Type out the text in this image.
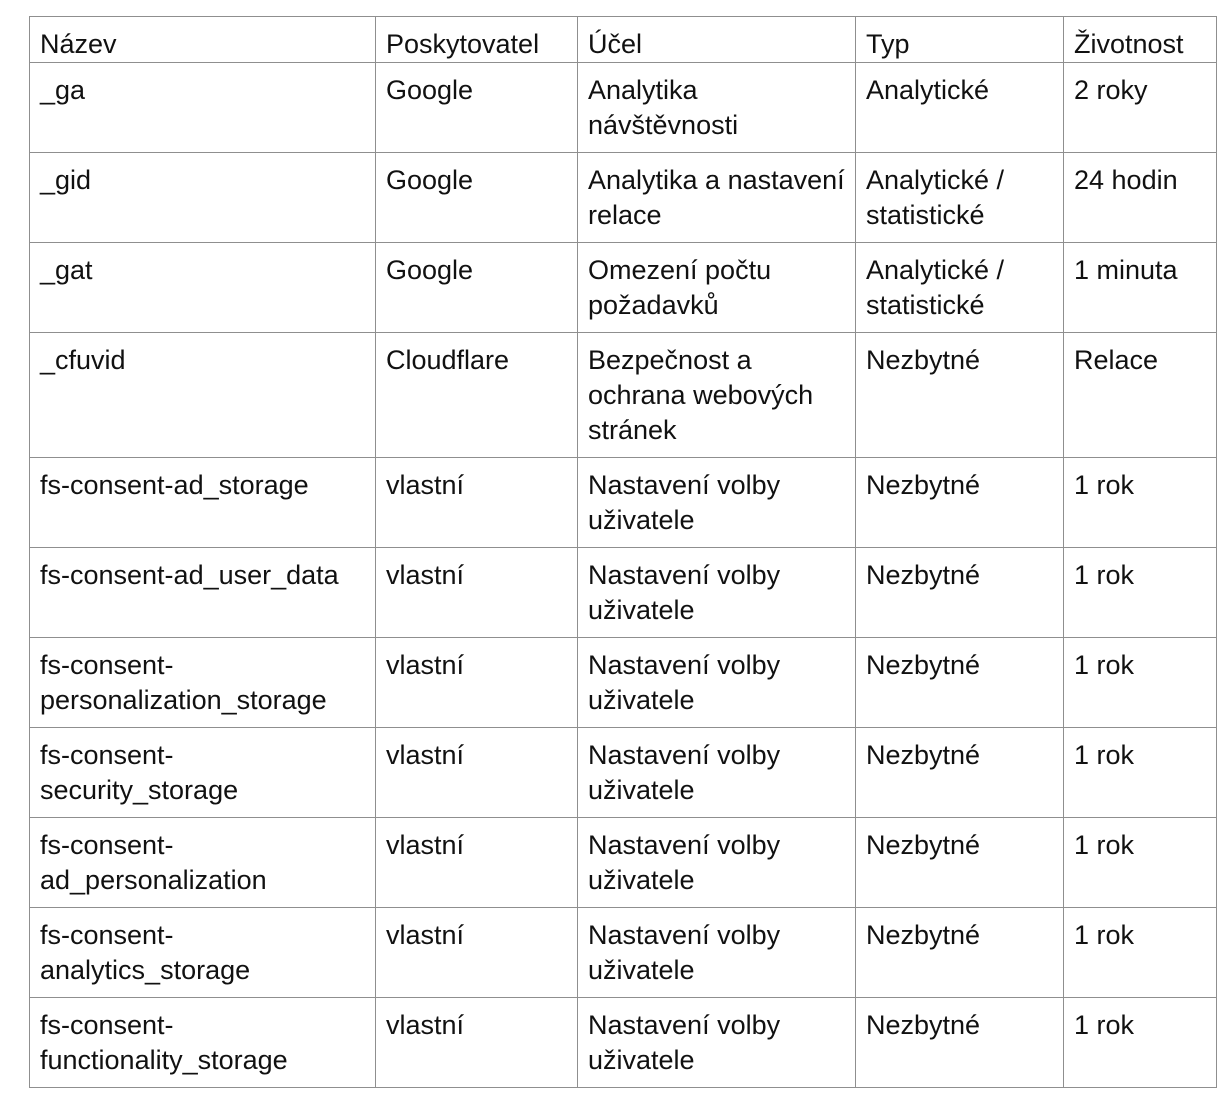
Název	Poskytovatel	Účel	Typ	Životnost
_ga	Google	Analytika návštěvnosti	Analytické	2 roky
_gid	Google	Analytika a nastavení relace	Analytické / statistické	24 hodin
_gat	Google	Omezení počtu požadavků	Analytické / statistické	1 minuta
_cfuvid	Cloudflare	Bezpečnost a ochrana webových stránek	Nezbytné	Relace
fs-consent-ad_storage	vlastní	Nastavení volby uživatele	Nezbytné	1 rok
fs-consent-ad_user_data	vlastní	Nastavení volby uživatele	Nezbytné	1 rok
fs-consent-personalization_storage	vlastní	Nastavení volby uživatele	Nezbytné	1 rok
fs-consent-security_storage	vlastní	Nastavení volby uživatele	Nezbytné	1 rok
fs-consent-ad_personalization	vlastní	Nastavení volby uživatele	Nezbytné	1 rok
fs-consent-analytics_storage	vlastní	Nastavení volby uživatele	Nezbytné	1 rok
fs-consent-functionality_storage	vlastní	Nastavení volby uživatele	Nezbytné	1 rok
